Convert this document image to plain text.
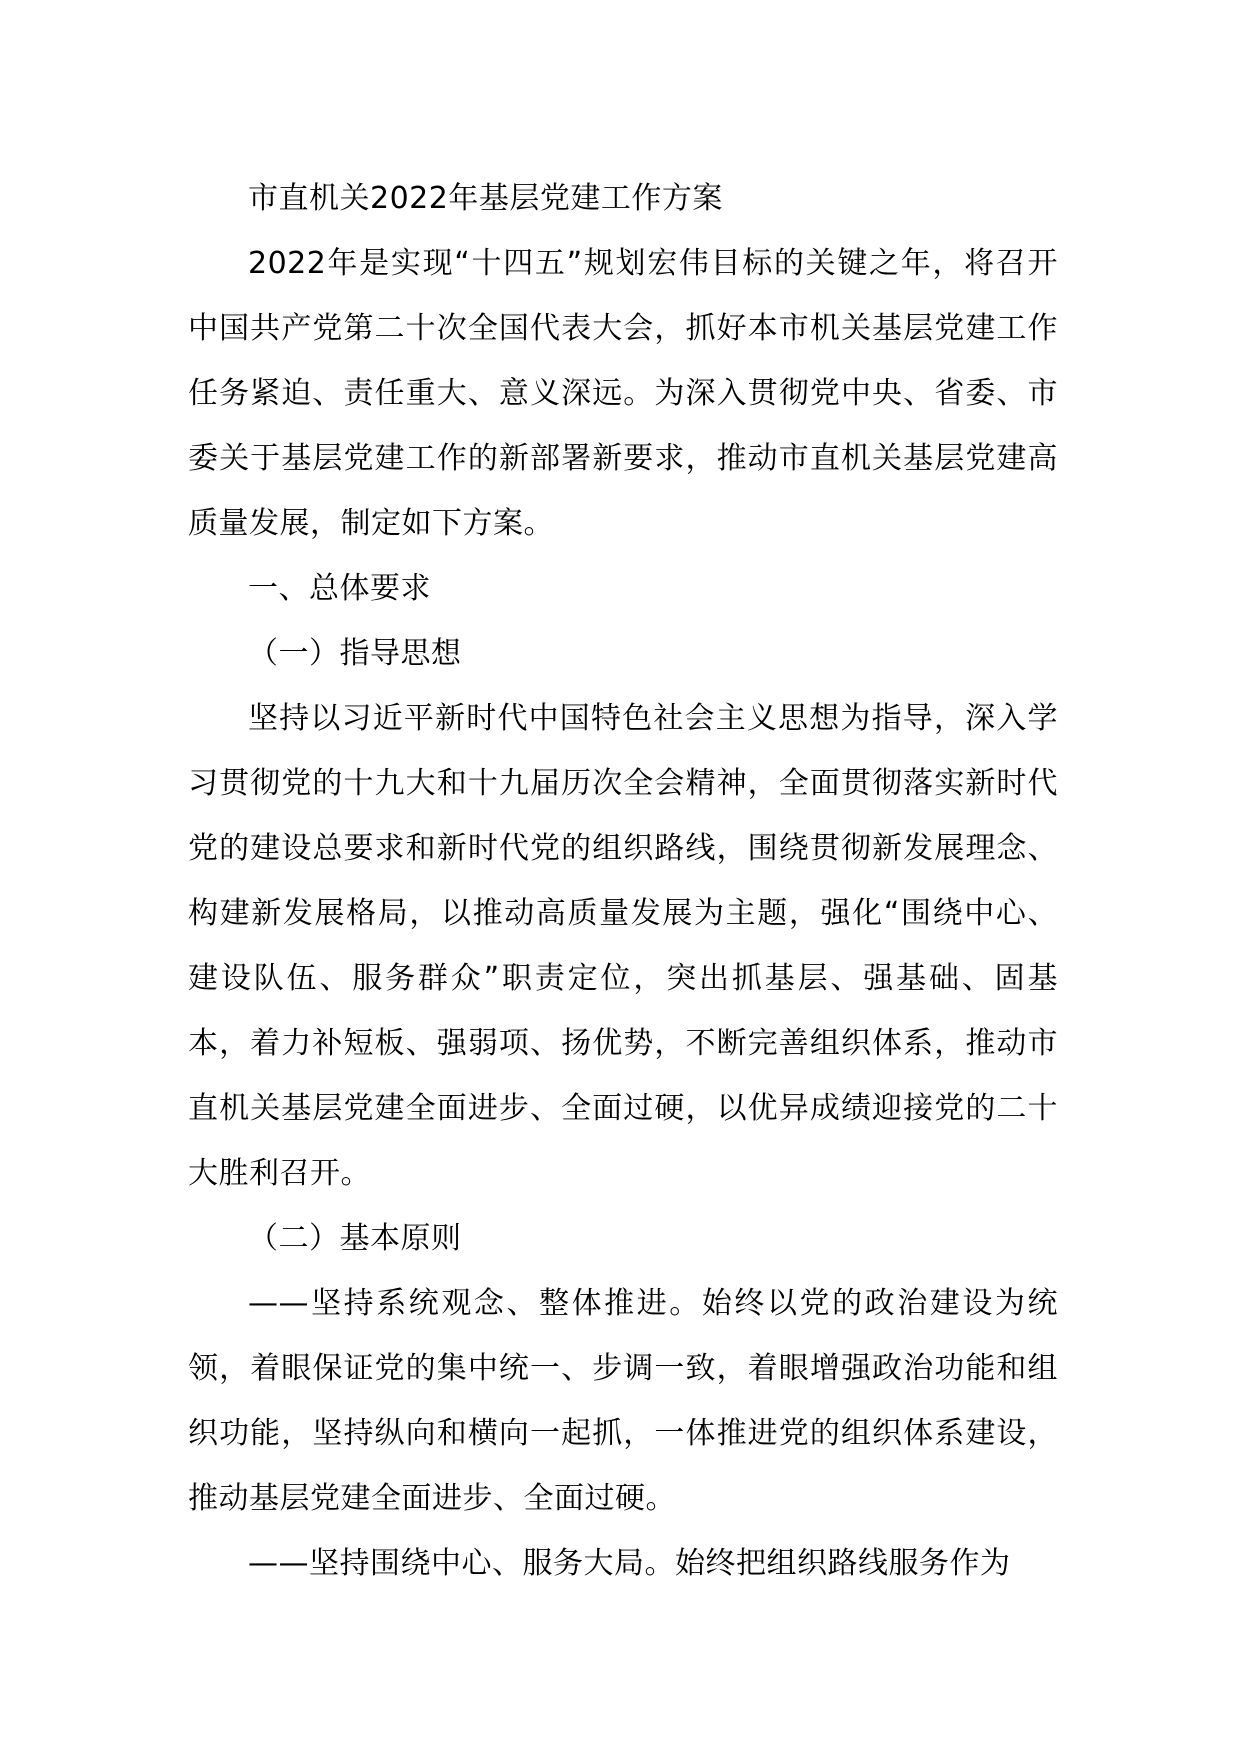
市直机关2022年基层党建工作方案

2022年是实现“十四五”规划宏伟目标的关键之年，将召开中国共产党第二十次全国代表大会，抓好本市机关基层党建工作任务紧迫、责任重大、意义深远。为深入贯彻党中央、省委、市委关于基层党建工作的新部署新要求，推动市直机关基层党建高质量发展，制定如下方案。

一、总体要求

（一）指导思想

坚持以习近平新时代中国特色社会主义思想为指导，深入学习贯彻党的十九大和十九届历次全会精神，全面贯彻落实新时代党的建设总要求和新时代党的组织路线，围绕贯彻新发展理念、构建新发展格局，以推动高质量发展为主题，强化“围绕中心、建设队伍、服务群众”职责定位，突出抓基层、强基础、固基本，着力补短板、强弱项、扬优势，不断完善组织体系，推动市直机关基层党建全面进步、全面过硬，以优异成绩迎接党的二十大胜利召开。

（二）基本原则

——坚持系统观念、整体推进。始终以党的政治建设为统领，着眼保证党的集中统一、步调一致，着眼增强政治功能和组织功能，坚持纵向和横向一起抓，一体推进党的组织体系建设，推动基层党建全面进步、全面过硬。

——坚持围绕中心、服务大局。始终把组织路线服务作为
